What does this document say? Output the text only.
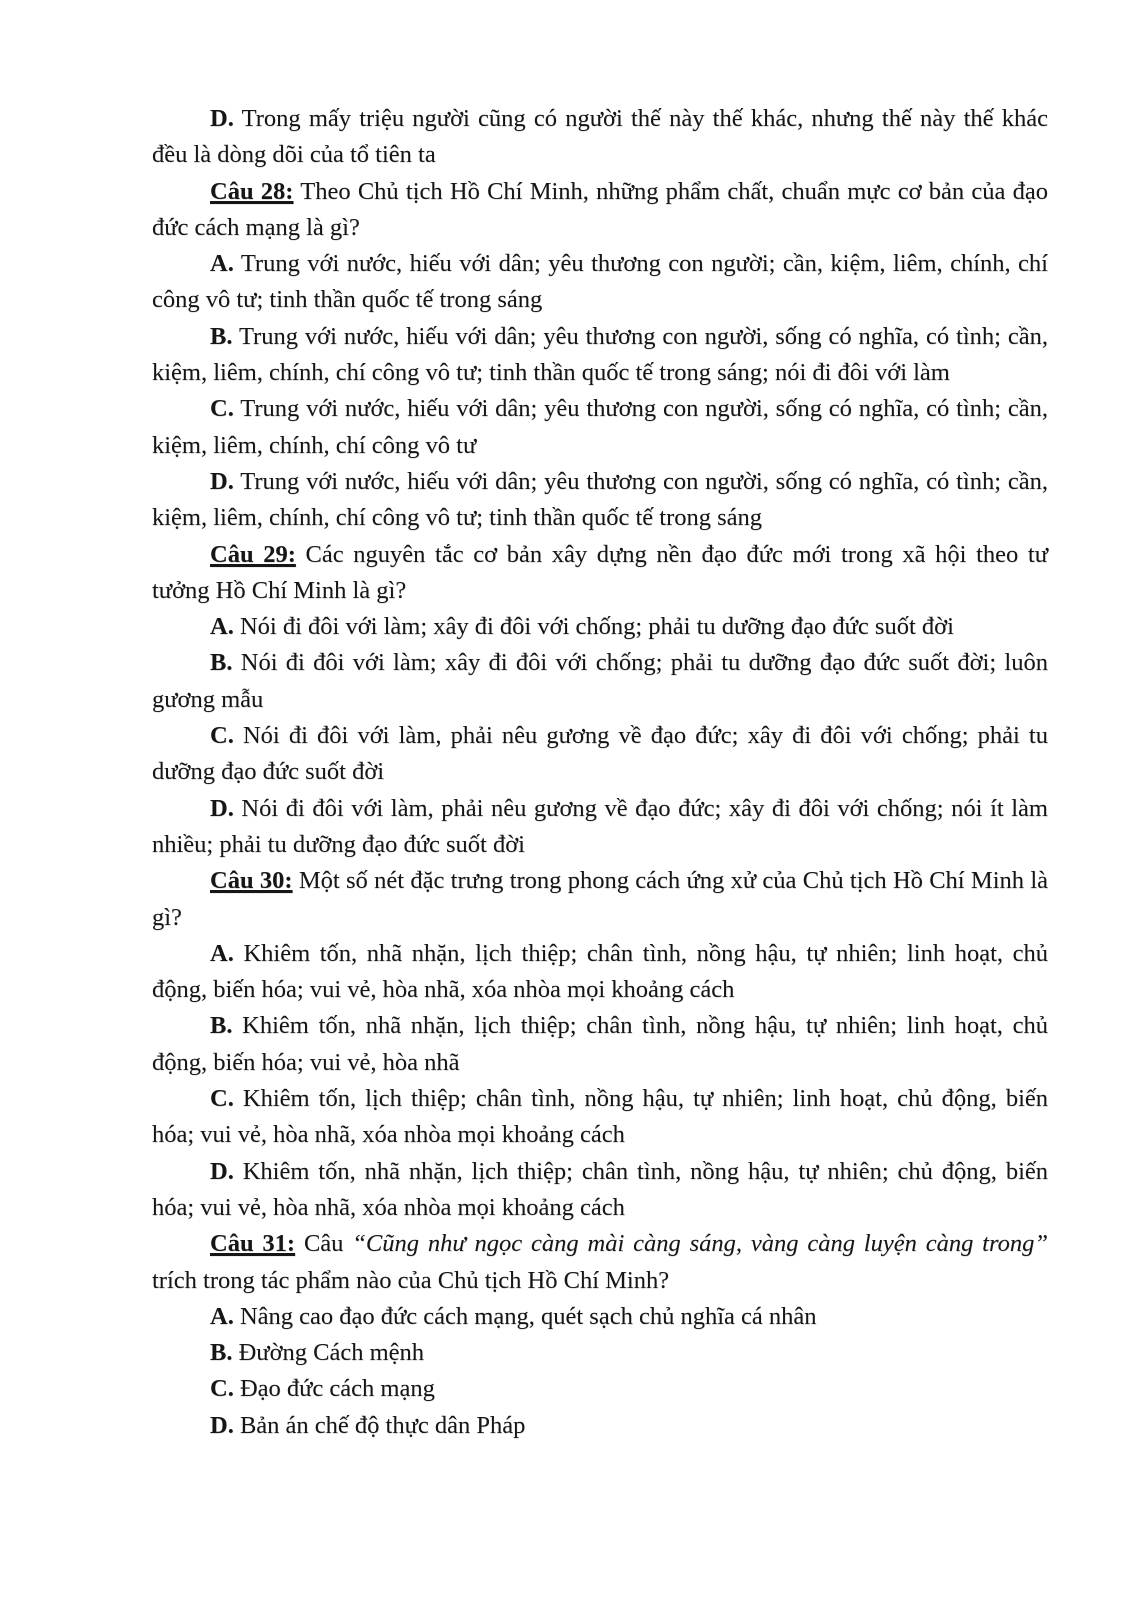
D. Trong mấy triệu người cũng có người thế này thế khác, nhưng thế này thế khác đều là dòng dõi của tổ tiên ta

Câu 28: Theo Chủ tịch Hồ Chí Minh, những phẩm chất, chuẩn mực cơ bản của đạo đức cách mạng là gì?

A. Trung với nước, hiếu với dân; yêu thương con người; cần, kiệm, liêm, chính, chí công vô tư; tinh thần quốc tế trong sáng

B. Trung với nước, hiếu với dân; yêu thương con người, sống có nghĩa, có tình; cần, kiệm, liêm, chính, chí công vô tư; tinh thần quốc tế trong sáng; nói đi đôi với làm

C. Trung với nước, hiếu với dân; yêu thương con người, sống có nghĩa, có tình; cần, kiệm, liêm, chính, chí công vô tư

D. Trung với nước, hiếu với dân; yêu thương con người, sống có nghĩa, có tình; cần, kiệm, liêm, chính, chí công vô tư; tinh thần quốc tế trong sáng

Câu 29: Các nguyên tắc cơ bản xây dựng nền đạo đức mới trong xã hội theo tư tưởng Hồ Chí Minh là gì?

A. Nói đi đôi với làm; xây đi đôi với chống; phải tu dưỡng đạo đức suốt đời

B. Nói đi đôi với làm; xây đi đôi với chống; phải tu dưỡng đạo đức suốt đời; luôn gương mẫu

C. Nói đi đôi với làm, phải nêu gương về đạo đức; xây đi đôi với chống; phải tu dưỡng đạo đức suốt đời

D. Nói đi đôi với làm, phải nêu gương về đạo đức; xây đi đôi với chống; nói ít làm nhiều; phải tu dưỡng đạo đức suốt đời

Câu 30: Một số nét đặc trưng trong phong cách ứng xử của Chủ tịch Hồ Chí Minh là gì?

A. Khiêm tốn, nhã nhặn, lịch thiệp; chân tình, nồng hậu, tự nhiên; linh hoạt, chủ động, biến hóa; vui vẻ, hòa nhã, xóa nhòa mọi khoảng cách

B. Khiêm tốn, nhã nhặn, lịch thiệp; chân tình, nồng hậu, tự nhiên; linh hoạt, chủ động, biến hóa; vui vẻ, hòa nhã

C. Khiêm tốn, lịch thiệp; chân tình, nồng hậu, tự nhiên; linh hoạt, chủ động, biến hóa; vui vẻ, hòa nhã, xóa nhòa mọi khoảng cách

D. Khiêm tốn, nhã nhặn, lịch thiệp; chân tình, nồng hậu, tự nhiên; chủ động, biến hóa; vui vẻ, hòa nhã, xóa nhòa mọi khoảng cách

Câu 31: Câu “Cũng như ngọc càng mài càng sáng, vàng càng luyện càng trong” trích trong tác phẩm nào của Chủ tịch Hồ Chí Minh?

A. Nâng cao đạo đức cách mạng, quét sạch chủ nghĩa cá nhân

B. Đường Cách mệnh

C. Đạo đức cách mạng

D. Bản án chế độ thực dân Pháp
